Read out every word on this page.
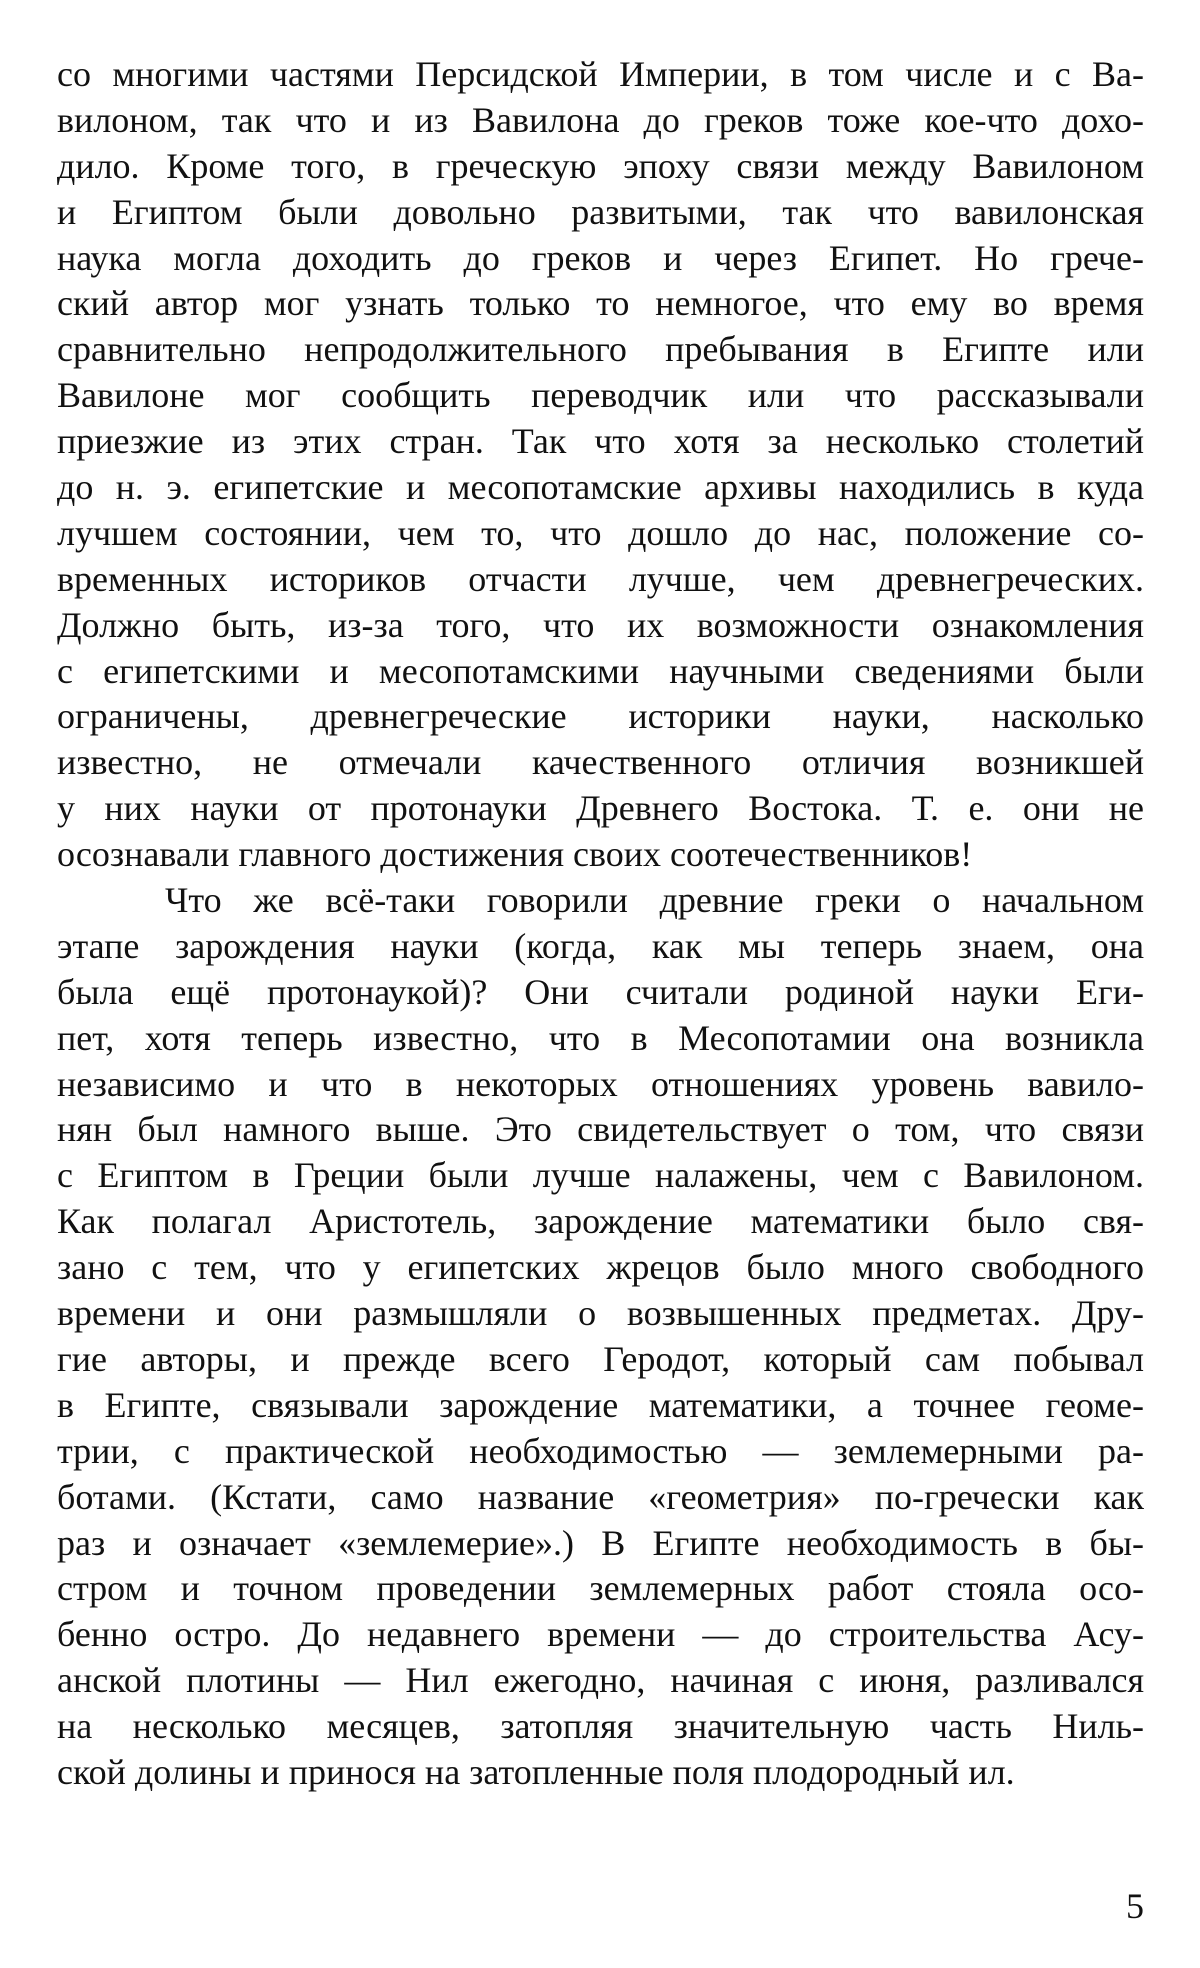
со многими частями Персидской Империи, в том числе и с Ва-
вилоном, так что и из Вавилона до греков тоже кое-что дохо-
дило. Кроме того, в греческую эпоху связи между Вавилоном
и Египтом были довольно развитыми, так что вавилонская
наука могла доходить до греков и через Египет. Но грече-
ский автор мог узнать только то немногое, что ему во время
сравнительно непродолжительного пребывания в Египте или
Вавилоне мог сообщить переводчик или что рассказывали
приезжие из этих стран. Так что хотя за несколько столетий
до н. э. египетские и месопотамские архивы находились в куда
лучшем состоянии, чем то, что дошло до нас, положение со-
временных историков отчасти лучше, чем древнегреческих.
Должно быть, из-за того, что их возможности ознакомления
с египетскими и месопотамскими научными сведениями были
ограничены, древнегреческие историки науки, насколько
известно, не отмечали качественного отличия возникшей
у них науки от протонауки Древнего Востока. Т. е. они не
осознавали главного достижения своих соотечественников!
Что же всё-таки говорили древние греки о начальном
этапе зарождения науки (когда, как мы теперь знаем, она
была ещё протонаукой)? Они считали родиной науки Еги-
пет, хотя теперь известно, что в Месопотамии она возникла
независимо и что в некоторых отношениях уровень вавило-
нян был намного выше. Это свидетельствует о том, что связи
с Египтом в Греции были лучше налажены, чем с Вавилоном.
Как полагал Аристотель, зарождение математики было свя-
зано с тем, что у египетских жрецов было много свободного
времени и они размышляли о возвышенных предметах. Дру-
гие авторы, и прежде всего Геродот, который сам побывал
в Египте, связывали зарождение математики, а точнее геоме-
трии, с практической необходимостью — землемерными ра-
ботами. (Кстати, само название «геометрия» по-гречески как
раз и означает «землемерие».) В Египте необходимость в бы-
стром и точном проведении землемерных работ стояла осо-
бенно остро. До недавнего времени — до строительства Асу-
анской плотины — Нил ежегодно, начиная с июня, разливался
на несколько месяцев, затопляя значительную часть Ниль-
ской долины и принося на затопленные поля плодородный ил.
5
